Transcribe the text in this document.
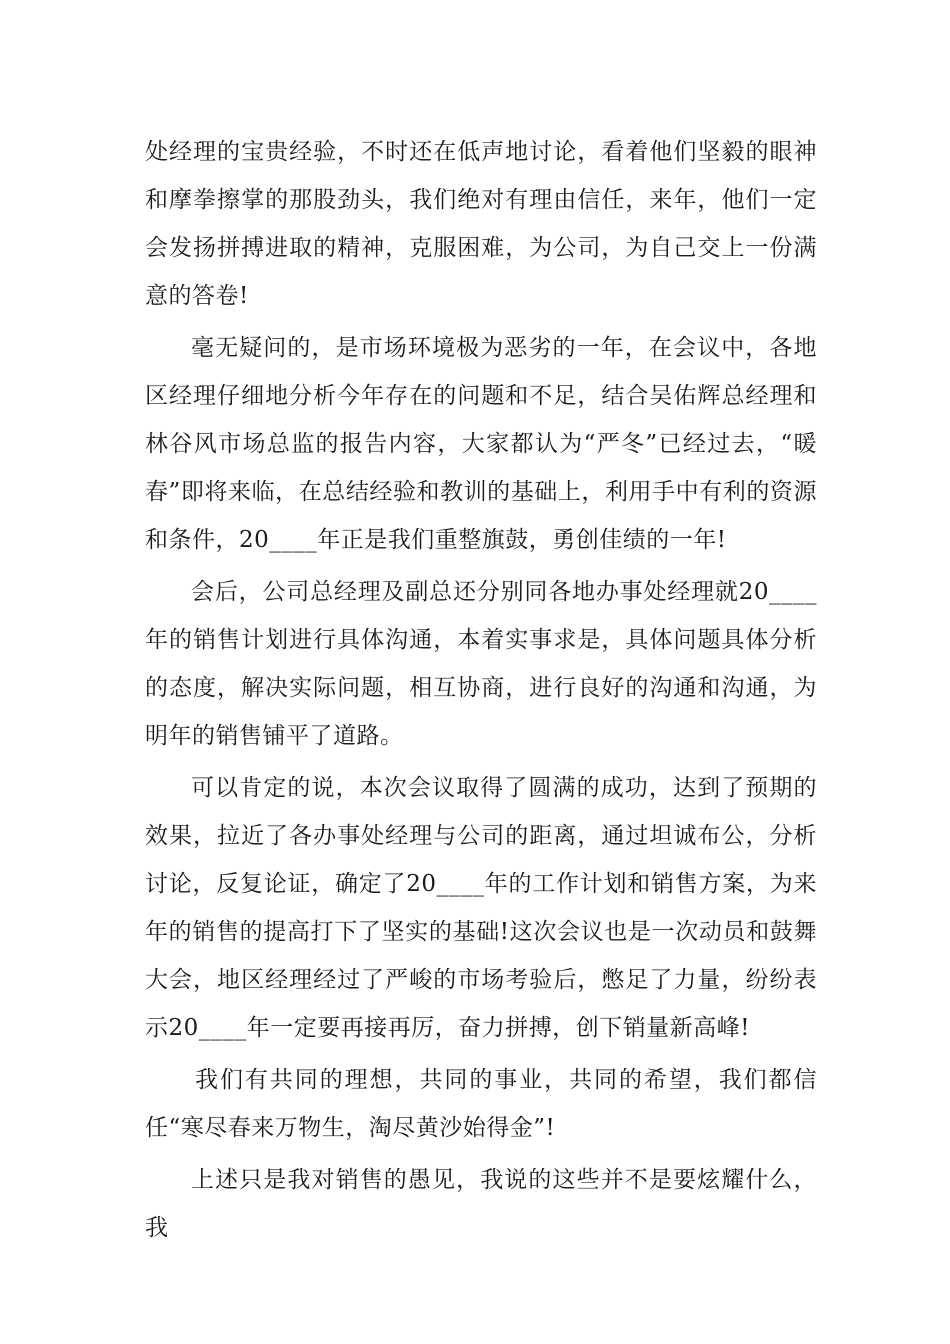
处经理的宝贵经验，不时还在低声地讨论，看着他们坚毅的眼神和摩拳擦掌的那股劲头，我们绝对有理由信任，来年，他们一定会发扬拼搏进取的精神，克服困难，为公司，为自己交上一份满意的答卷!

毫无疑问的，是市场环境极为恶劣的一年，在会议中，各地区经理仔细地分析今年存在的问题和不足，结合吴佑辉总经理和林谷风市场总监的报告内容，大家都认为“严冬”已经过去，“暖春”即将来临，在总结经验和教训的基础上，利用手中有利的资源和条件，20____年正是我们重整旗鼓，勇创佳绩的一年!

会后，公司总经理及副总还分别同各地办事处经理就20____年的销售计划进行具体沟通，本着实事求是，具体问题具体分析的态度，解决实际问题，相互协商，进行良好的沟通和沟通，为明年的销售铺平了道路。

可以肯定的说，本次会议取得了圆满的成功，达到了预期的效果，拉近了各办事处经理与公司的距离，通过坦诚布公，分析讨论，反复论证，确定了20____年的工作计划和销售方案，为来年的销售的提高打下了坚实的基础!这次会议也是一次动员和鼓舞大会，地区经理经过了严峻的市场考验后，憋足了力量，纷纷表示20____年一定要再接再厉，奋力拼搏，创下销量新高峰!

我们有共同的理想，共同的事业，共同的希望，我们都信任“寒尽春来万物生，淘尽黄沙始得金”!

上述只是我对销售的愚见，我说的这些并不是要炫耀什么，我
